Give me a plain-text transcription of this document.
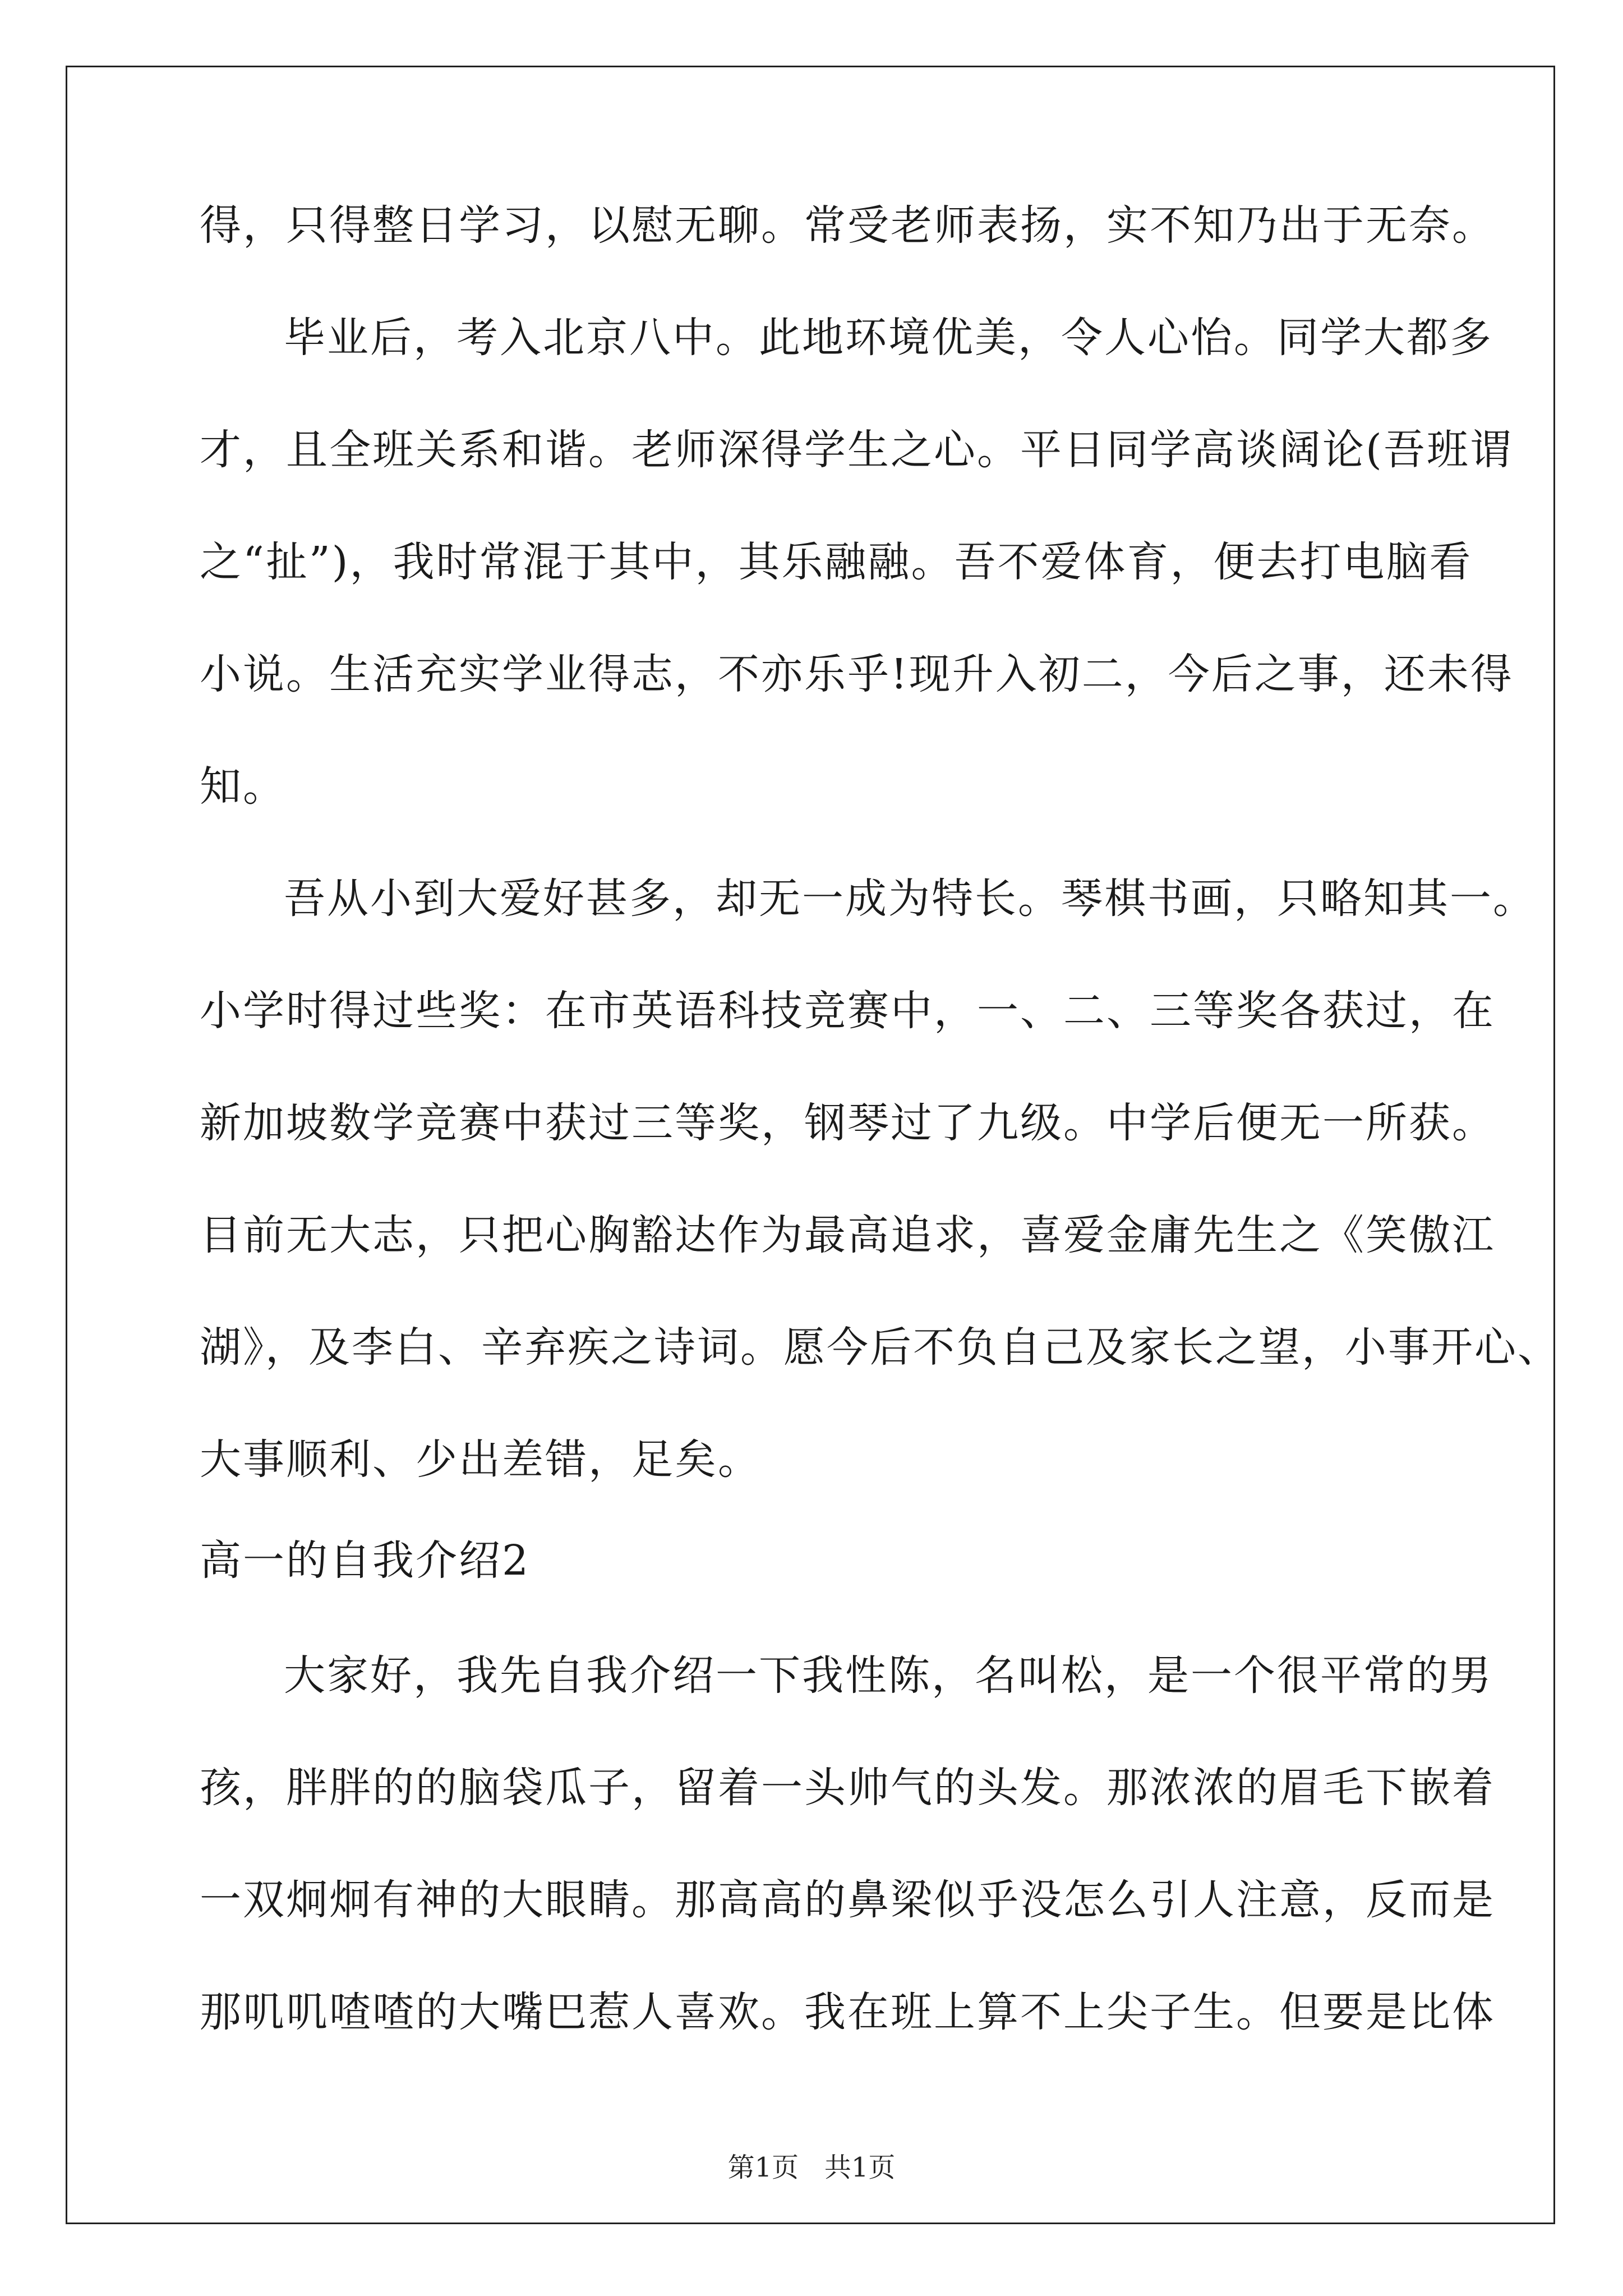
得，只得整日学习，以慰无聊。常受老师表扬，实不知乃出于无奈。
毕业后，考入北京八中。此地环境优美，令人心怡。同学大都多
才，且全班关系和谐。老师深得学生之心。平日同学高谈阔论(吾班谓
之“扯”)，我时常混于其中，其乐融融。吾不爱体育，便去打电脑看
小说。生活充实学业得志，不亦乐乎!现升入初二，今后之事，还未得
知。
吾从小到大爱好甚多，却无一成为特长。琴棋书画，只略知其一。
小学时得过些奖：在市英语科技竞赛中，一、二、三等奖各获过，在
新加坡数学竞赛中获过三等奖，钢琴过了九级。中学后便无一所获。
目前无大志，只把心胸豁达作为最高追求，喜爱金庸先生之《笑傲江
湖》，及李白、辛弃疾之诗词。愿今后不负自己及家长之望，小事开心、
大事顺利、少出差错，足矣。
高一的自我介绍2
大家好，我先自我介绍一下我性陈，名叫松，是一个很平常的男
孩，胖胖的的脑袋瓜子，留着一头帅气的头发。那浓浓的眉毛下嵌着
一双炯炯有神的大眼睛。那高高的鼻梁似乎没怎么引人注意，反而是
那叽叽喳喳的大嘴巴惹人喜欢。我在班上算不上尖子生。但要是比体
第1页   共1页
